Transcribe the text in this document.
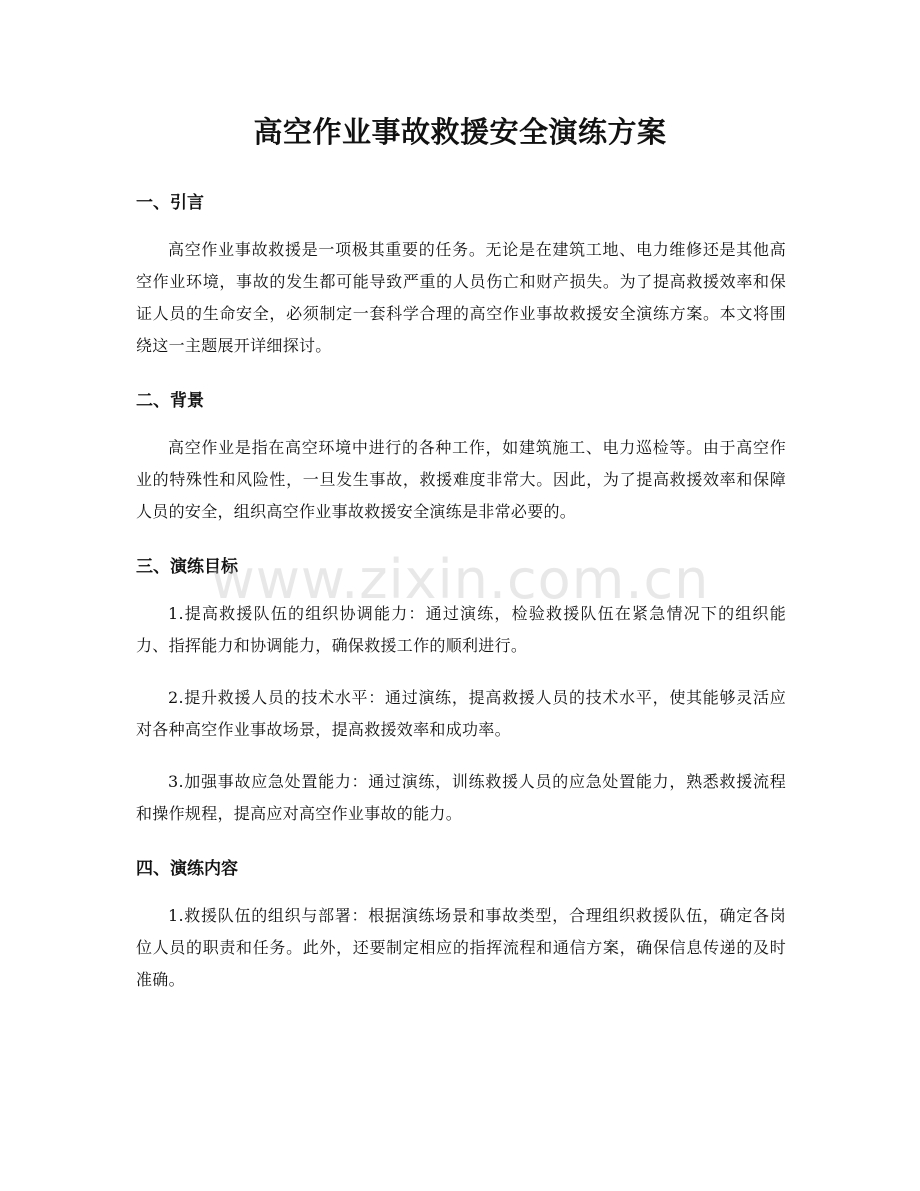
高空作业事故救援安全演练方案
一、引言

高空作业事故救援是一项极其重要的任务。无论是在建筑工地、电力维修还是其他高空作业环境，事故的发生都可能导致严重的人员伤亡和财产损失。为了提高救援效率和保证人员的生命安全，必须制定一套科学合理的高空作业事故救援安全演练方案。本文将围绕这一主题展开详细探讨。

二、背景

高空作业是指在高空环境中进行的各种工作，如建筑施工、电力巡检等。由于高空作业的特殊性和风险性，一旦发生事故，救援难度非常大。因此，为了提高救援效率和保障人员的安全，组织高空作业事故救援安全演练是非常必要的。

三、演练目标

1.提高救援队伍的组织协调能力：通过演练，检验救援队伍在紧急情况下的组织能力、指挥能力和协调能力，确保救援工作的顺利进行。

2.提升救援人员的技术水平：通过演练，提高救援人员的技术水平，使其能够灵活应对各种高空作业事故场景，提高救援效率和成功率。

3.加强事故应急处置能力：通过演练，训练救援人员的应急处置能力，熟悉救援流程和操作规程，提高应对高空作业事故的能力。

四、演练内容

1.救援队伍的组织与部署：根据演练场景和事故类型，合理组织救援队伍，确定各岗位人员的职责和任务。此外，还要制定相应的指挥流程和通信方案，确保信息传递的及时准确。

www.zixin.com.cn
